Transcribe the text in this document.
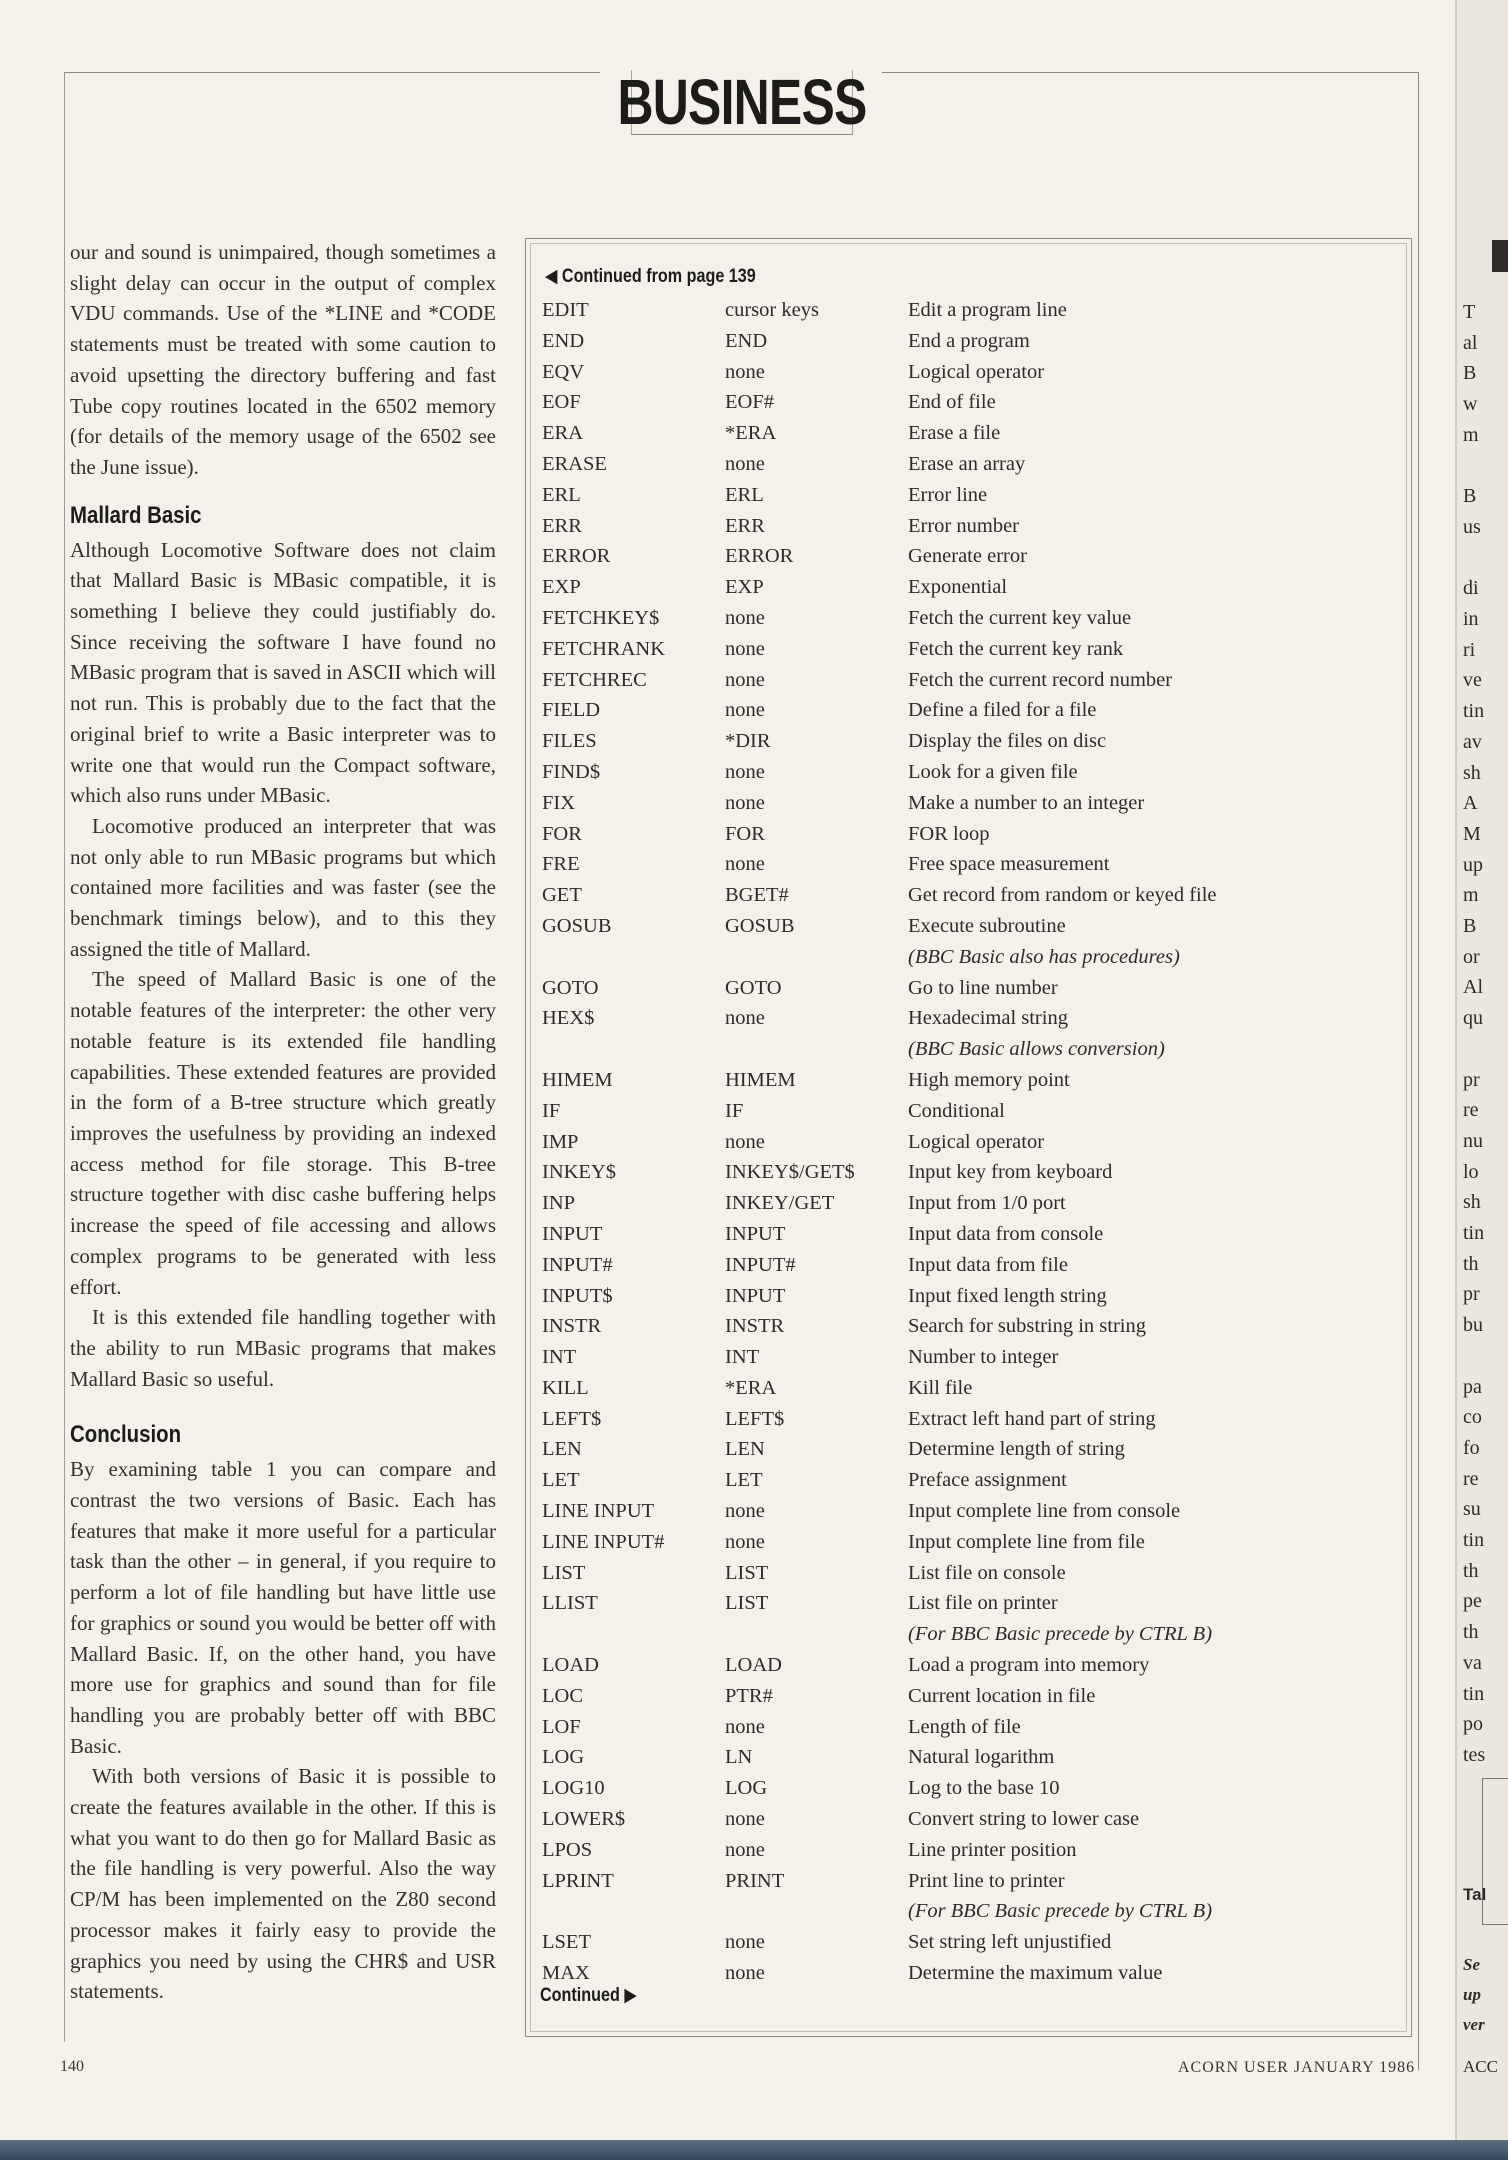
T
al
B
w
m
B
us
di
in
ri
ve
tin
av
sh
A
M
up
m
B
or
Al
qu
pr
re
nu
lo
sh
tin
th
pr
bu
pa
co
fo
re
su
tin
th
pe
th
va
tin
po
tes
Tal
Se
up
ver
ACC
BUSINESS

our and sound is unimpaired, though sometimes a slight delay can occur in the output of complex VDU commands. Use of the *LINE and *CODE statements must be treated with some caution to avoid upsetting the directory buffering and fast Tube copy routines located in the 6502 memory (for details of the memory usage of the 6502 see the June issue).

Mallard Basic

Although Locomotive Software does not claim that Mallard Basic is MBasic compatible, it is something I believe they could justifiably do. Since receiving the software I have found no MBasic program that is saved in ASCII which will not run. This is probably due to the fact that the original brief to write a Basic interpreter was to write one that would run the Compact software, which also runs under MBasic.

Locomotive produced an interpreter that was not only able to run MBasic programs but which contained more facilities and was faster (see the benchmark timings below), and to this they assigned the title of Mallard.

The speed of Mallard Basic is one of the notable features of the interpreter: the other very notable feature is its extended file handling capabilities. These extended features are provided in the form of a B-tree structure which greatly improves the usefulness by providing an indexed access method for file storage. This B-tree structure together with disc cashe buffering helps increase the speed of file accessing and allows complex programs to be generated with less effort.

It is this extended file handling together with the ability to run MBasic programs that makes Mallard Basic so useful.

Conclusion

By examining table 1 you can compare and contrast the two versions of Basic. Each has features that make it more useful for a particular task than the other – in general, if you require to perform a lot of file handling but have little use for graphics or sound you would be better off with Mallard Basic. If, on the other hand, you have more use for graphics and sound than for file handling you are probably better off with BBC Basic.

With both versions of Basic it is possible to create the features available in the other. If this is what you want to do then go for Mallard Basic as the file handling is very powerful. Also the way CP/M has been implemented on the Z80 second processor makes it fairly easy to provide the graphics you need by using the CHR$ and USR statements.

◀ Continued from page 139
EDIT	cursor keys	Edit a program line
END	END	End a program
EQV	none	Logical operator
EOF	EOF#	End of file
ERA	*ERA	Erase a file
ERASE	none	Erase an array
ERL	ERL	Error line
ERR	ERR	Error number
ERROR	ERROR	Generate error
EXP	EXP	Exponential
FETCHKEY$	none	Fetch the current key value
FETCHRANK	none	Fetch the current key rank
FETCHREC	none	Fetch the current record number
FIELD	none	Define a filed for a file
FILES	*DIR	Display the files on disc
FIND$	none	Look for a given file
FIX	none	Make a number to an integer
FOR	FOR	FOR loop
FRE	none	Free space measurement
GET	BGET#	Get record from random or keyed file
GOSUB	GOSUB	Execute subroutine
(BBC Basic also has procedures)
GOTO	GOTO	Go to line number
HEX$	none	Hexadecimal string
(BBC Basic allows conversion)
HIMEM	HIMEM	High memory point
IF	IF	Conditional
IMP	none	Logical operator
INKEY$	INKEY$/GET$	Input key from keyboard
INP	INKEY/GET	Input from 1/0 port
INPUT	INPUT	Input data from console
INPUT#	INPUT#	Input data from file
INPUT$	INPUT	Input fixed length string
INSTR	INSTR	Search for substring in string
INT	INT	Number to integer
KILL	*ERA	Kill file
LEFT$	LEFT$	Extract left hand part of string
LEN	LEN	Determine length of string
LET	LET	Preface assignment
LINE INPUT	none	Input complete line from console
LINE INPUT#	none	Input complete line from file
LIST	LIST	List file on console
LLIST	LIST	List file on printer
(For BBC Basic precede by CTRL B)
LOAD	LOAD	Load a program into memory
LOC	PTR#	Current location in file
LOF	none	Length of file
LOG	LN	Natural logarithm
LOG10	LOG	Log to the base 10
LOWER$	none	Convert string to lower case
LPOS	none	Line printer position
LPRINT	PRINT	Print line to printer
(For BBC Basic precede by CTRL B)
LSET	none	Set string left unjustified
MAX	none	Determine the maximum value
Continued ▶
140	ACORN USER JANUARY 1986
